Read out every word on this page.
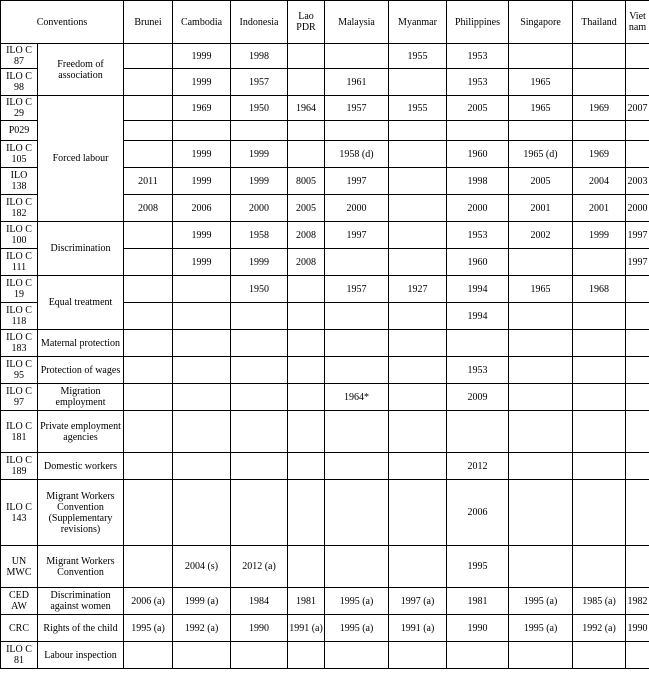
Conventions		Brunei	Cambodia	Indonesia	Lao PDR	Malaysia	Myanmar	Philippines	Singapore	Thailand	Viet nam
ILO C 87	Freedom of association		1999	1998			1955	1953			
ILO C 98			1999	1957		1961		1953	1965		
ILO C 29	Forced labour		1969	1950	1964	1957	1955	2005	1965	1969	2007
P029											
ILO C 105			1999	1999		1958 (d)		1960	1965 (d)	1969	
ILO 138		2011	1999	1999	8005	1997		1998	2005	2004	2003
ILO C 182		2008	2006	2000	2005	2000		2000	2001	2001	2000
ILO C 100	Discrimination		1999	1958	2008	1997		1953	2002	1999	1997
ILO C 111			1999	1999	2008			1960			1997
ILO C 19	Equal treatment			1950		1957	1927	1994	1965	1968	
ILO C 118								1994			
ILO C 183	Maternal protection										
ILO C 95	Protection of wages							1953			
ILO C 97	Migration employment					1964*		2009			
ILO C 181	Private employment agencies										
ILO C 189	Domestic workers							2012			
ILO C 143	Migrant Workers Convention (Supplementary revisions)							2006			
UN MWC	Migrant Workers Convention		2004 (s)	2012 (a)				1995			
CED AW	Discrimination against women	2006 (a)	1999 (a)	1984	1981	1995 (a)	1997 (a)	1981	1995 (a)	1985 (a)	1982
CRC	Rights of the child	1995 (a)	1992 (a)	1990	1991 (a)	1995 (a)	1991 (a)	1990	1995 (a)	1992 (a)	1990
ILO C 81	Labour inspection										
